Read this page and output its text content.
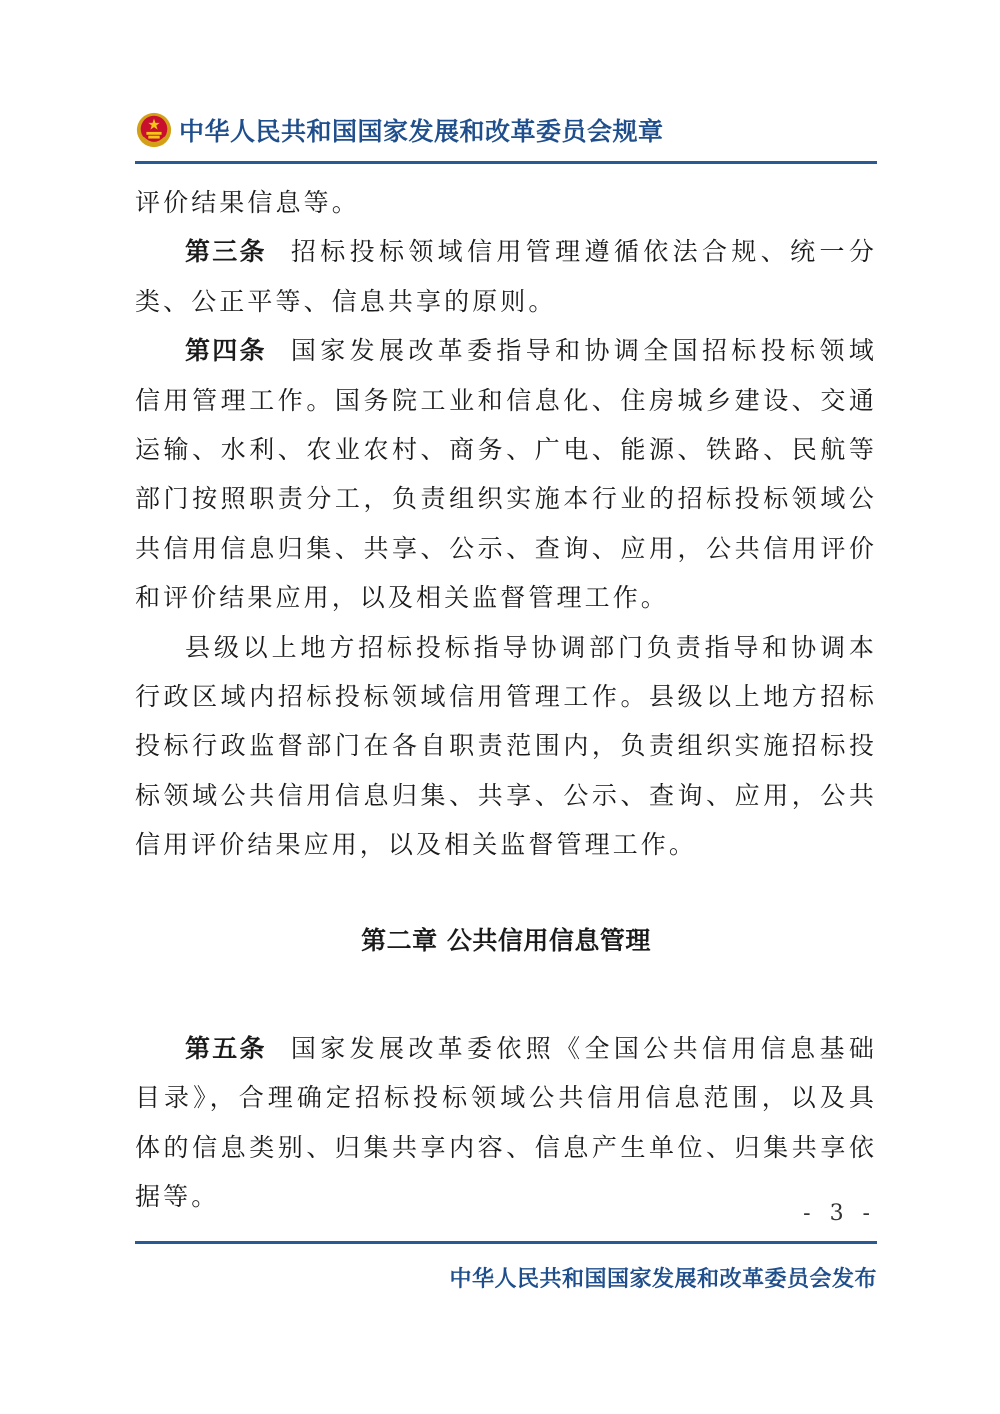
中华人民共和国国家发展和改革委员会规章

评价结果信息等。

第三条 招标投标领域信用管理遵循依法合规、统一分类、公正平等、信息共享的原则。

第四条 国家发展改革委指导和协调全国招标投标领域信用管理工作。国务院工业和信息化、住房城乡建设、交通运输、水利、农业农村、商务、广电、能源、铁路、民航等部门按照职责分工，负责组织实施本行业的招标投标领域公共信用信息归集、共享、公示、查询、应用，公共信用评价和评价结果应用，以及相关监督管理工作。

县级以上地方招标投标指导协调部门负责指导和协调本行政区域内招标投标领域信用管理工作。县级以上地方招标投标行政监督部门在各自职责范围内，负责组织实施招标投标领域公共信用信息归集、共享、公示、查询、应用，公共信用评价结果应用，以及相关监督管理工作。

第二章 公共信用信息管理

第五条 国家发展改革委依照《全国公共信用信息基础目录》，合理确定招标投标领域公共信用信息范围，以及具体的信息类别、归集共享内容、信息产生单位、归集共享依据等。

- 3 -
中华人民共和国国家发展和改革委员会发布
